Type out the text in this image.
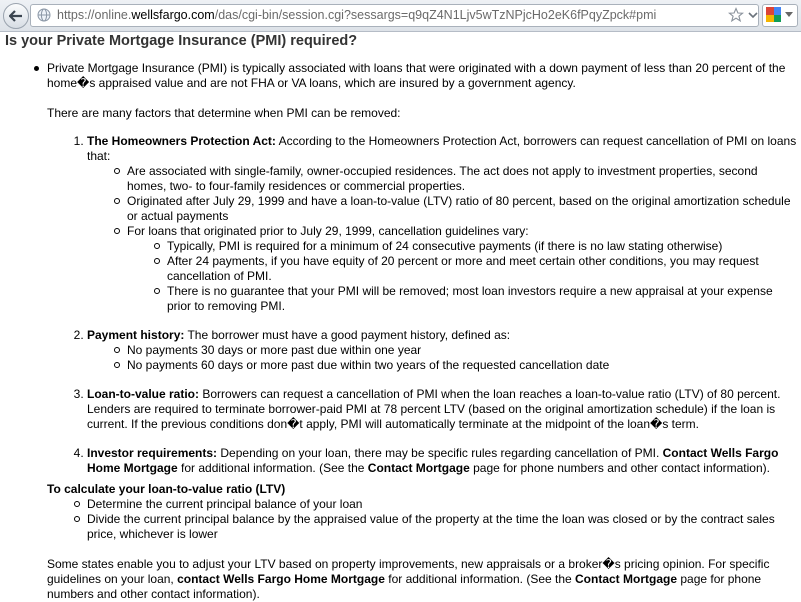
https://online.wellsfargo.com/das/cgi-bin/session.cgi?sessargs=q9qZ4N1Ljv5wTzNPjcHo2eK6fPqyZpck#pmi
Is your Private Mortgage Insurance (PMI) required?

Private Mortgage Insurance (PMI) is typically associated with loans that were originated with a down payment of less than 20 percent of the home�s appraised value and are not FHA or VA loans, which are insured by a government agency.

There are many factors that determine when PMI can be removed:

1. The Homeowners Protection Act: According to the Homeowners Protection Act, borrowers can request cancellation of PMI on loans that:
Are associated with single-family, owner-occupied residences. The act does not apply to investment properties, second homes, two- to four-family residences or commercial properties.
Originated after July 29, 1999 and have a loan-to-value (LTV) ratio of 80 percent, based on the original amortization schedule or actual payments
For loans that originated prior to July 29, 1999, cancellation guidelines vary:
Typically, PMI is required for a minimum of 24 consecutive payments (if there is no law stating otherwise)
After 24 payments, if you have equity of 20 percent or more and meet certain other conditions, you may request cancellation of PMI.
There is no guarantee that your PMI will be removed; most loan investors require a new appraisal at your expense prior to removing PMI.
2. Payment history: The borrower must have a good payment history, defined as:
No payments 30 days or more past due within one year
No payments 60 days or more past due within two years of the requested cancellation date
3. Loan-to-value ratio: Borrowers can request a cancellation of PMI when the loan reaches a loan-to-value ratio (LTV) of 80 percent. Lenders are required to terminate borrower-paid PMI at 78 percent LTV (based on the original amortization schedule) if the loan is current. If the previous conditions don�t apply, PMI will automatically terminate at the midpoint of the loan�s term.
4. Investor requirements: Depending on your loan, there may be specific rules regarding cancellation of PMI. Contact Wells Fargo Home Mortgage for additional information. (See the Contact Mortgage page for phone numbers and other contact information).

To calculate your loan-to-value ratio (LTV)

Determine the current principal balance of your loan
Divide the current principal balance by the appraised value of the property at the time the loan was closed or by the contract sales price, whichever is lower

Some states enable you to adjust your LTV based on property improvements, new appraisals or a broker�s pricing opinion. For specific guidelines on your loan, contact Wells Fargo Home Mortgage for additional information. (See the Contact Mortgage page for phone numbers and other contact information).
